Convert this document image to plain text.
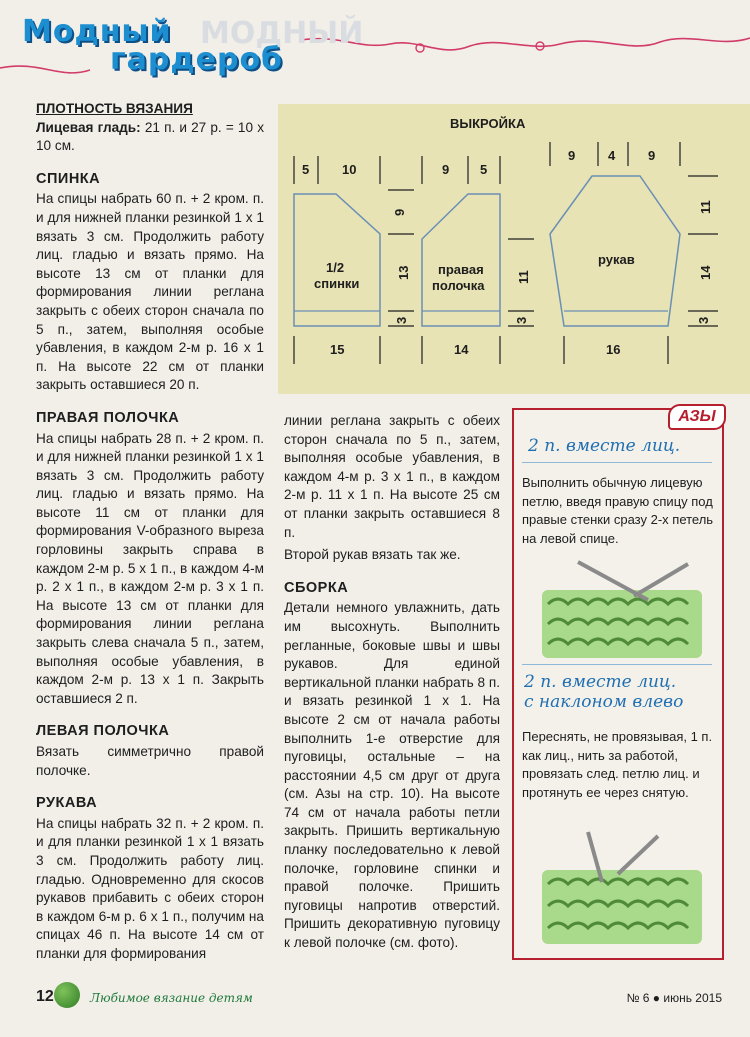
МОДНЫЙ
Модный
гардероб
ПЛОТНОСТЬ ВЯЗАНИЯ

Лицевая гладь: 21 п. и 27 р. = 10 х 10 см.

СПИНКА

На спицы набрать 60 п. + 2 кром. п. и для нижней планки резинкой 1 х 1 вязать 3 см. Продолжить работу лиц. гладью и вязать прямо. На высоте 13 см от планки для формирования линии реглана закрыть с обеих сторон сначала по 5 п., затем, выполняя особые убавления, в каждом 2-м р. 16 х 1 п. На высоте 22 см от планки закрыть оставшиеся 20 п.

ПРАВАЯ ПОЛОЧКА

На спицы набрать 28 п. + 2 кром. п. и для нижней планки резинкой 1 х 1 вязать 3 см. Продолжить работу лиц. гладью и вязать прямо. На высоте 11 см от планки для формирования V-образного выреза горловины закрыть справа в каждом 2-м р. 5 х 1 п., в каждом 4-м р. 2 х 1 п., в каждом 2-м р. 3 х 1 п. На высоте 13 см от планки для формирования линии реглана закрыть слева сначала 5 п., затем, выполняя особые убавления, в каждом 2-м р. 13 х 1 п. Закрыть оставшиеся 2 п.

ЛЕВАЯ ПОЛОЧКА

Вязать симметрично правой полочке.

РУКАВА

На спицы набрать 32 п. + 2 кром. п. и для планки резинкой 1 х 1 вязать 3 см. Продолжить работу лиц. гладью. Одновременно для скосов рукавов прибавить с обеих сторон в каждом 6-м р. 6 х 1 п., получим на спицах 46 п. На высоте 14 см от планки для формирования

ВЫКРОЙКА
1/2
спинки
правая
полочка
рукав
5	10
9
13
3
15
9 5
11
3
14
9	4	9
11
14
3
16

линии реглана закрыть с обеих сторон сначала по 5 п., затем, выполняя особые убавления, в каждом 4-м р. 3 х 1 п., в каждом 2-м р. 11 х 1 п. На высоте 25 см от планки закрыть оставшиеся 8 п.

Второй рукав вязать так же.

СБОРКА

Детали немного увлажнить, дать им высохнуть. Выполнить регланные, боковые швы и швы рукавов. Для единой вертикальной планки набрать 8 п. и вязать резинкой 1 х 1. На высоте 2 см от начала работы выполнить 1-е отверстие для пуговицы, остальные – на расстоянии 4,5 см друг от друга (см. Азы на стр. 10). На высоте 74 см от начала работы петли закрыть. Пришить вертикальную планку последовательно к левой полочке, горловине спинки и правой полочке. Пришить пуговицы напротив отверстий. Пришить декоративную пуговицу к левой полочке (см. фото).

АЗЫ
2 п. вместе лиц.
Выполнить обычную лицевую петлю, введя правую спицу под правые стенки сразу 2-х петель на левой спице.
2 п. вместе лиц.
с наклоном влево
Переснять, не провязывая, 1 п. как лиц., нить за работой, провязать след. петлю лиц. и протянуть ее через снятую.
12	Любимое вязание детям	№ 6 ● июнь 2015
